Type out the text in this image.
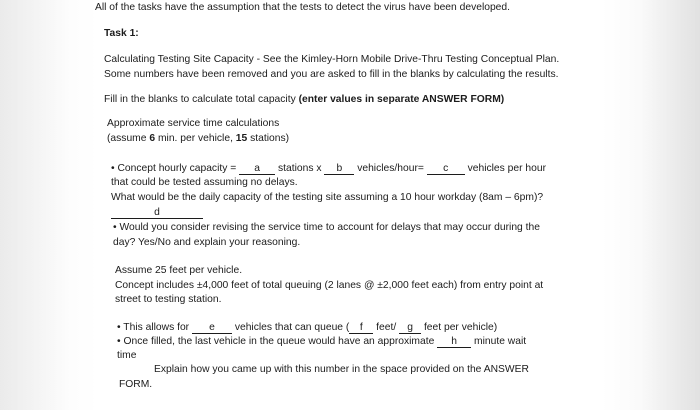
All of the tasks have the assumption that the tests to detect the virus have been developed.
Task 1:
Calculating Testing Site Capacity - See the Kimley-Horn Mobile Drive-Thru Testing Conceptual Plan.
Some numbers have been removed and you are asked to fill in the blanks by calculating the results.
Fill in the blanks to calculate total capacity (enter values in separate ANSWER FORM)
Approximate service time calculations
(assume 6 min. per vehicle, 15 stations)
• Concept hourly capacity = a stations x b vehicles/hour= c vehicles per hour
that could be tested assuming no delays.
What would be the daily capacity of the testing site assuming a 10 hour workday (8am – 6pm)?
d
• Would you consider revising the service time to account for delays that may occur during the
day? Yes/No and explain your reasoning.
Assume 25 feet per vehicle.
Concept includes ±4,000 feet of total queuing (2 lanes @ ±2,000 feet each) from entry point at
street to testing station.
• This allows for e vehicles that can queue ( f feet/ g feet per vehicle)
• Once filled, the last vehicle in the queue would have an approximate h minute wait
time
Explain how you came up with this number in the space provided on the ANSWER
FORM.
